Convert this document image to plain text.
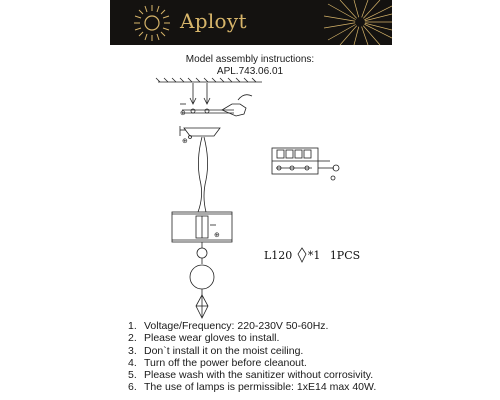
Aployt
Model assembly instructions:
APL.743.06.01
⊕
⊕
⊕
L120 *1 1PCS
1. Voltage/Frequency: 220-230V 50-60Hz.
2. Please wear gloves to install.
3. Don`t install it on the moist ceiling.
4. Turn off the power before cleanout.
5. Please wash with the sanitizer without corrosivity.
6. The use of lamps is permissible: 1xE14 max 40W.
